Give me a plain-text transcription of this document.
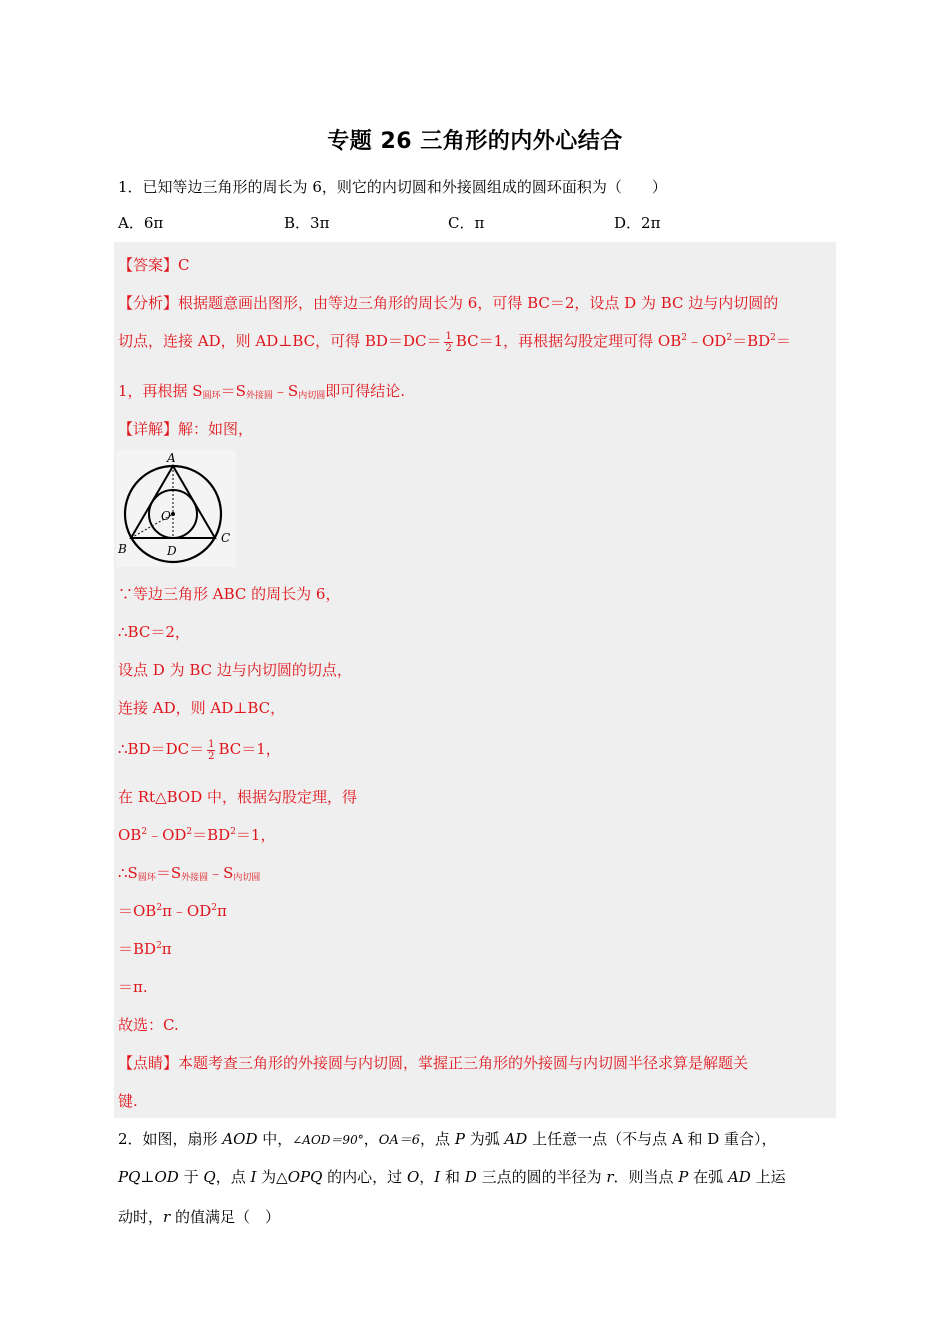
专题 26 三角形的内外心结合
1．已知等边三角形的周长为 6，则它的内切圆和外接圆组成的圆环面积为（　　）
A．6π	B．3π	C．π	D．2π
【答案】C
【分析】根据题意画出图形，由等边三角形的周长为 6，可得 BC＝2，设点 D 为 BC 边与内切圆的
切点，连接 AD，则 AD⊥BC，可得 $BD=DC= \frac{1}{2} BC=1$，再根据勾股定理可得 $OB^2﹣OD^2=BD^2=$
1，再根据 $S_{圆环}=S_{外接圆}﹣S_{内切圆}$即可得结论.
【详解】解：如图，
A
O
B	D
C
∵等边三角形 ABC 的周长为 6，
∴BC＝2，
设点 D 为 BC 边与内切圆的切点，
连接 AD，则 AD⊥BC，
∴BD＝DC＝ $\frac{1}{2} BC=1$，
在 Rt△BOD 中，根据勾股定理，得
$OB^2﹣OD^2=BD^2=1$，
$\therefore S_{圆环}=S_{外接圆}﹣S_{内切圆}$
$=OB^2\pi﹣OD^2\pi$
$=BD^2\pi$
＝π.
故选：C.
【点睛】本题考查三角形的外接圆与内切圆，掌握正三角形的外接圆与内切圆半径求算是解题关
键.
2．如图，扇形 AOD 中，∠AOD＝90°，OA＝6，点 P 为弧 AD 上任意一点（不与点 A 和 D 重合），
PQ⊥OD 于 Q，点 I 为△OPQ 的内心，过 O，I 和 D 三点的圆的半径为 r．则当点 P 在弧 AD 上运
动时，r 的值满足（　）
